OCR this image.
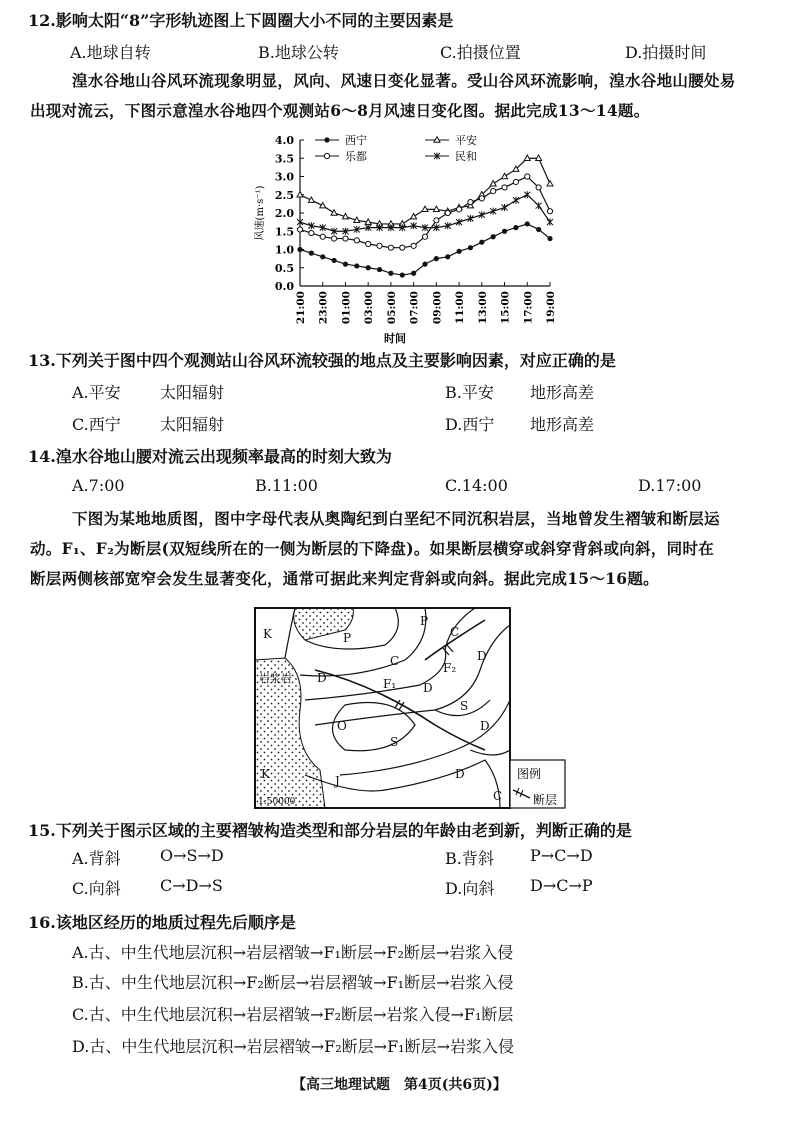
12.影响太阳“8”字形轨迹图上下圆圈大小不同的主要因素是
A.地球自转	B.地球公转	C.拍摄位置	D.拍摄时间
湟水谷地山谷风环流现象明显，风向、风速日变化显著。受山谷风环流影响，湟水谷地山腰处易
出现对流云，下图示意湟水谷地四个观测站6～8月风速日变化图。据此完成13～14题。
0.0
0.5
1.0
1.5
2.0
2.5
3.0
3.5
4.0
风速(m·s⁻¹)
21:00 23:00 01:00 03:00 05:00 07:00 09:00 11:00 13:00 15:00 17:00 19:00
时间
西宁	平安
乐都	民和
13.下列关于图中四个观测站山谷风环流较强的地点及主要影响因素，对应正确的是
A.平安 太阳辐射	B.平安 地形高差
C.西宁 太阳辐射	D.西宁 地形高差
14.湟水谷地山腰对流云出现频率最高的时刻大致为
A.7:00	B.11:00	C.14:00	D.17:00
下图为某地地质图，图中字母代表从奥陶纪到白垩纪不同沉积岩层，当地曾发生褶皱和断层运
动。F₁、F₂为断层(双短线所在的一侧为断层的下降盘)。如果断层横穿或斜穿背斜或向斜，同时在
断层两侧核部宽窄会发生显著变化，通常可据此来判定背斜或向斜。据此完成15～16题。
图例
断层
K	P
P
C
C	D
D
D
D
D
F₁
F₂
O
S
S
J
K
C
岩浆岩
1:50000
15.下列关于图示区域的主要褶皱构造类型和部分岩层的年龄由老到新，判断正确的是
A.背斜 O→S→D	B.背斜 P→C→D
C.向斜 C→D→S	D.向斜 D→C→P
16.该地区经历的地质过程先后顺序是
A.古、中生代地层沉积→岩层褶皱→F₁断层→F₂断层→岩浆入侵
B.古、中生代地层沉积→F₂断层→岩层褶皱→F₁断层→岩浆入侵
C.古、中生代地层沉积→岩层褶皱→F₂断层→岩浆入侵→F₁断层
D.古、中生代地层沉积→岩层褶皱→F₂断层→F₁断层→岩浆入侵
【高三地理试题　第4页(共6页)】
